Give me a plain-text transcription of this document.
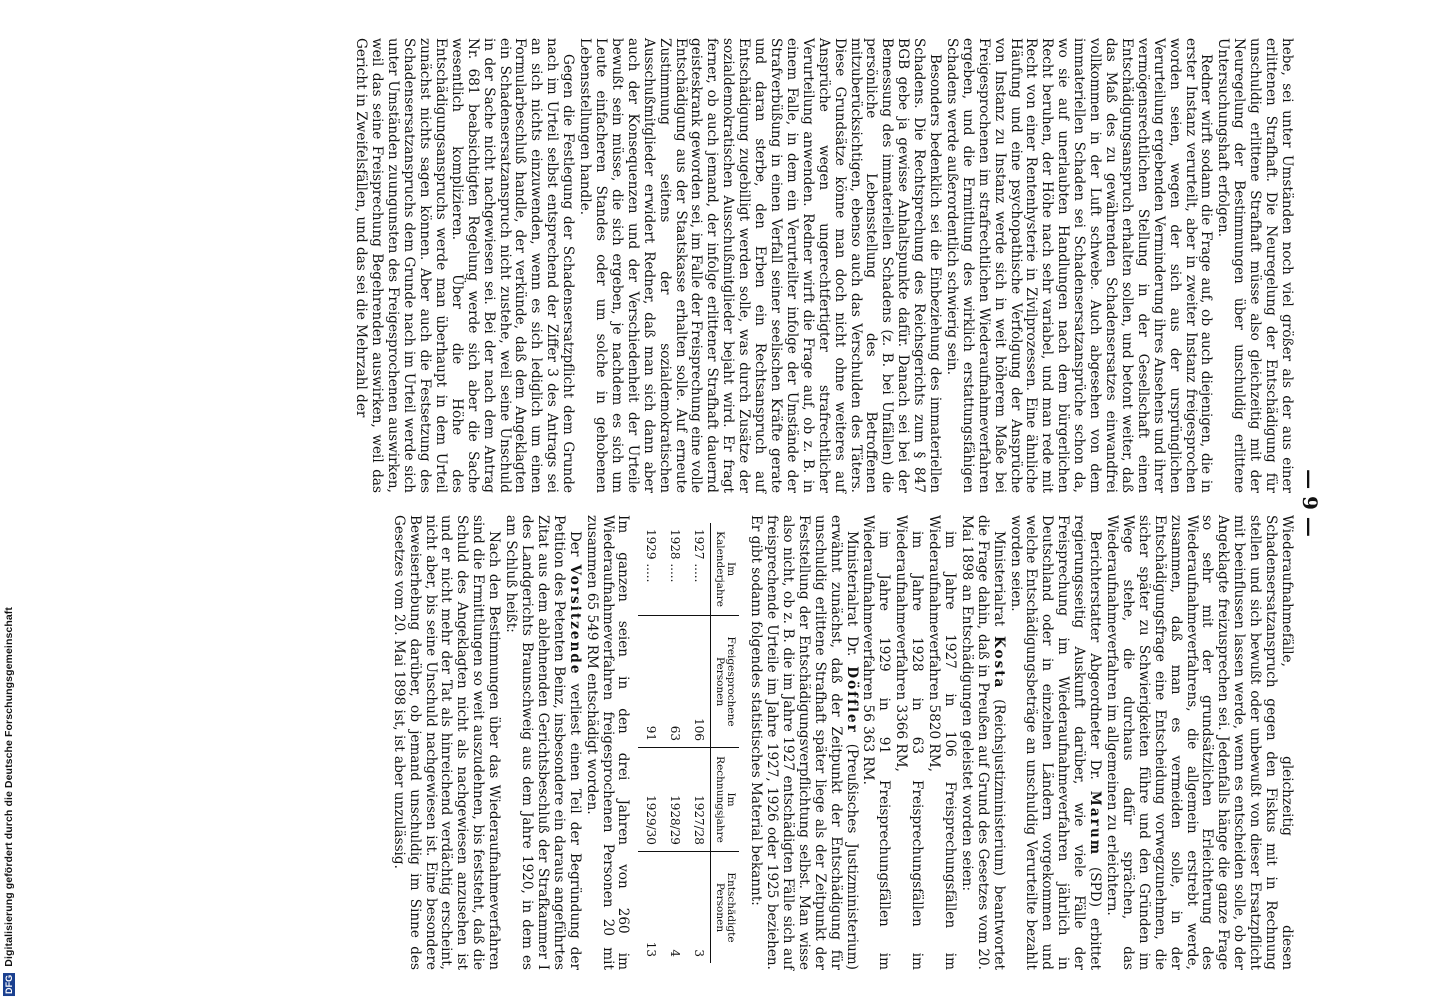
DFG Digitalisierung gefördert durch die Deutsche Forschungsgemeinschaft
— 9 —

hebe, sei unter Umständen noch viel größer als der aus einer erlittenen Strafhaft. Die Neuregelung der Entschädigung für unschuldig erlittene Strafhaft müsse also gleichzeitig mit der Neuregelung der Bestimmungen über unschuldig erlittene Untersuchungshaft erfolgen.

Redner wirft sodann die Frage auf, ob auch diejenigen, die in erster Instanz verurteilt, aber in zweiter Instanz freigesprochen worden seien, wegen der sich aus der ursprünglichen Verurteilung ergebenden Verminderung ihres Ansehens und ihrer vermögensrechtlichen Stellung in der Gesellschaft einen Entschädigungsanspruch erhalten sollen, und betont weiter, daß das Maß des zu gewährenden Schadensersatzes einwandfrei vollkommen in der Luft schwebe. Auch abgesehen von dem immateriellen Schaden sei Schadensersatzansprüche schon da, wo sie auf unerlaubten Handlungen nach dem bürgerlichen Recht beruhen, der Höhe nach sehr variabel, und man rede mit Recht von einer Rentenhysterie in Zivilprozessen. Eine ähnliche Häufung und eine psychopathische Verfolgung der Ansprüche von Instanz zu Instanz werde sich in weit höherem Maße bei Freigesprochenen im strafrechtlichen Wiederaufnahmeverfahren ergeben, und die Ermittlung des wirklich erstattungsfähigen Schadens werde außerordentlich schwierig sein.

Besonders bedenklich sei die Einbeziehung des immateriellen Schadens. Die Rechtsprechung des Reichsgerichts zum § 847 BGB gebe ja gewisse Anhaltspunkte dafür. Danach sei bei der Bemessung des immateriellen Schadens (z. B. bei Unfällen) die persönliche Lebensstellung des Betroffenen mitzuberücksichtigen, ebenso auch das Verschulden des Täters. Diese Grundsätze könne man doch nicht ohne weiteres auf Ansprüche wegen ungerechtfertigter strafrechtlicher Verurteilung anwenden. Redner wirft die Frage auf, ob z. B. in einem Falle, in dem ein Verurteilter infolge der Umstände der Strafverbüßung in einen Verfall seiner seelischen Kräfte gerate und daran sterbe, den Erben ein Rechtsanspruch auf Entschädigung zugebilligt werden solle, was durch Zusätze der sozialdemokratischen Ausschußmitglieder bejaht wird. Er fragt ferner, ob auch jemand, der infolge erlittener Strafhaft dauernd geisteskrank geworden sei, im Falle der Freisprechung eine volle Entschädigung aus der Staatskasse erhalten solle. Auf erneute Zustimmung seitens der sozialdemokratischen Ausschußmitglieder erwidert Redner, daß man sich dann aber auch der Konsequenzen und der Verschiedenheit der Urteile bewußt sein müsse, die sich ergeben, je nachdem es sich um Leute einfacheren Standes oder um solche in gehobenen Lebensstellungen handle.

Gegen die Festlegung der Schadensersatzpflicht dem Grunde nach im Urteil selbst entsprechend der Ziffer 3 des Antrags sei an sich nichts einzuwenden, wenn es sich lediglich um einen Formularbeschluß handle, der verkünde, daß dem Angeklagten ein Schadensersatzanspruch nicht zustehe, weil seine Unschuld in der Sache nicht nachgewiesen sei. Bei der nach dem Antrag Nr. 681 beabsichtigten Regelung werde sich aber die Sache wesentlich komplizieren. Über die Höhe des Entschädigungsanspruchs werde man überhaupt in dem Urteil zunächst nichts sagen können. Aber auch die Festsetzung des Schadensersatzanspruchs dem Grunde nach im Urteil werde sich unter Umständen zuungunsten des Freigesprochenen auswirken, weil das seine Freisprechung Begehrenden auswirken, weil das Gericht in Zweifelsfällen, und das sei die Mehrzahl der

Wiederaufnahmefälle, gleichzeitig diesen Schadensersatzanspruch gegen den Fiskus mit in Rechnung stellen und sich bewußt oder unbewußt von dieser Ersatzpflicht mit beeinflussen lassen werde, wenn es entscheiden solle, ob der Angeklagte freizusprechen sei. Jedenfalls hänge die ganze Frage so sehr mit der grundsätzlichen Erleichterung des Wiederaufnahmeverfahrens, die allgemein erstrebt werde, zusammen, daß man es vermeiden solle, in der Entschädigungsfrage eine Entscheidung vorwegzunehmen, die sicher später zu Schwierigkeiten führe und den Gründen im Wege stehe, die durchaus dafür sprächen, das Wiederaufnahmeverfahren im allgemeinen zu erleichtern.

Berichterstatter Abgeordneter Dr. Marum (SPD) erbittet regierungsseitig Auskunft darüber, wie viele Fälle der Freisprechung im Wiederaufnahmeverfahren jährlich in Deutschland oder in einzelnen Ländern vorgekommen und welche Entschädigungsbeträge an unschuldig Verurteilte bezahlt worden seien.

Ministerialrat Kosta (Reichsjustizministerium) beantwortet die Frage dahin, daß in Preußen auf Grund des Gesetzes vom 20. Mai 1898 an Entschädigungen geleistet worden seien:

im Jahre 1927 in 106 Freisprechungsfällen im Wiederaufnahmeverfahren 5820 RM,

im Jahre 1928 in 63 Freisprechungsfällen im Wiederaufnahmeverfahren 3366 RM,

im Jahre 1929 in 91 Freisprechungsfällen im Wiederaufnahmeverfahren 56 363 RM.

Ministerialrat Dr. Döffler (Preußisches Justizministerium) erwähnt zunächst, daß der Zeitpunkt der Entschädigung für unschuldig erlittene Strafhaft später liege als der Zeitpunkt der Feststellung der Entschädigungsverpflichtung selbst. Man wisse also nicht, ob z. B. die im Jahre 1927 entschädigten Fälle sich auf freisprechende Urteile im Jahre 1927, 1926 oder 1925 beziehen. Er gibt sodann folgendes statistisches Material bekannt:

Im Kalenderjahre	Freigesprochene Personen	Im Rechnungsjahre	Entschädigte Personen
1927 .....	106	1927/28	3
1928 .....	63	1928/29	4
1929 .....	91	1929/30	13

Im ganzen seien in den drei Jahren von 260 im Wiederaufnahmeverfahren freigesprochenen Personen 20 mit zusammen 65 549 RM entschädigt worden.

Der Vorsitzende verliest einen Teil der Begründung der Petition des Petenten Beinz, insbesondere ein daraus angeführtes Zitat aus dem ablehnenden Gerichtsbeschluß der Strafkammer I des Landgerichts Braunschweig aus dem Jahre 1920, in dem es am Schluß heißt:

Nach den Bestimmungen über das Wiederaufnahmeverfahren sind die Ermittlungen so weit auszudehnen, bis feststeht, daß die Schuld des Angeklagten nicht als nachgewiesen anzusehen ist und er nicht mehr der Tat als hinreichend verdächtig erscheint, nicht aber, bis seine Unschuld nachgewiesen ist. Eine besondere Beweiserhebung darüber, ob jemand unschuldig im Sinne des Gesetzes vom 20. Mai 1898 ist, ist aber unzulässig.
